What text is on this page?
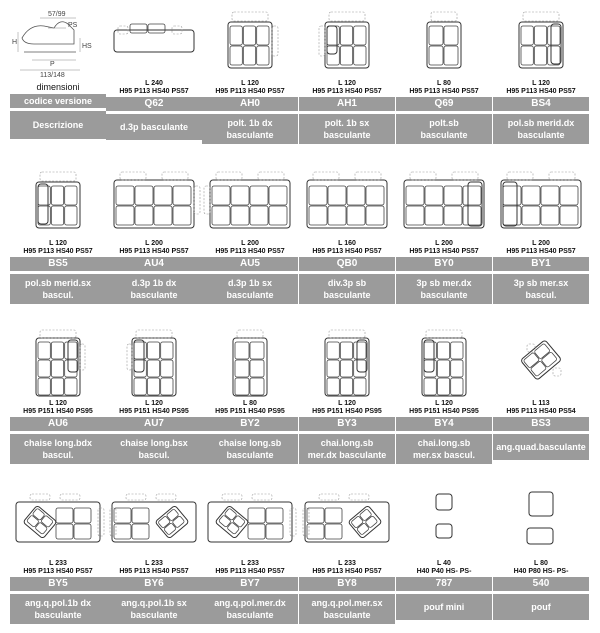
57/99
PS
H
HS
P
113/148
dimensioni
codice versione
Descrizione
L 240
H95 P113 HS40 PS57
Q62
d.3p basculante
L 120
H95 P113 HS40 PS57
AH0
polt. 1b dx
basculante
L 120
H95 P113 HS40 PS57
AH1
polt. 1b sx
basculante
L 80
H95 P113 HS40 PS57
Q69
polt.sb
basculante
L 120
H95 P113 HS40 PS57
BS4
pol.sb merid.dx
basculante
L 120
H95 P113 HS40 PS57
BS5
pol.sb merid.sx
bascul.
L 200
H95 P113 HS40 PS57
AU4
d.3p 1b dx
basculante
L 200
H95 P113 HS40 PS57
AU5
d.3p 1b sx
basculante
L 160
H95 P113 HS40 PS57
QB0
div.3p sb
basculante
L 200
H95 P113 HS40 PS57
BY0
3p sb mer.dx
basculante
L 200
H95 P113 HS40 PS57
BY1
3p sb mer.sx
bascul.
L 120
H95 P151 HS40 PS95
AU6
chaise long.bdx
bascul.
L 120
H95 P151 HS40 PS95
AU7
chaise long.bsx
bascul.
L 80
H95 P151 HS40 PS95
BY2
chaise long.sb
basculante
L 120
H95 P151 HS40 PS95
BY3
chai.long.sb
mer.dx basculante
L 120
H95 P151 HS40 PS95
BY4
chai.long.sb
mer.sx bascul.
L 113
H95 P113 HS40 PS54
BS3
ang.quad.basculante
L 233
H95 P113 HS40 PS57
BY5
ang.q.pol.1b dx
basculante
L 233
H95 P113 HS40 PS57
BY6
ang.q.pol.1b sx
basculante
L 233
H95 P113 HS40 PS57
BY7
ang.q.pol.mer.dx
basculante
L 233
H95 P113 HS40 PS57
BY8
ang.q.pol.mer.sx
basculante
L 40
H40 P40 HS- PS-
787
pouf mini
L 80
H40 P80 HS- PS-
540
pouf
